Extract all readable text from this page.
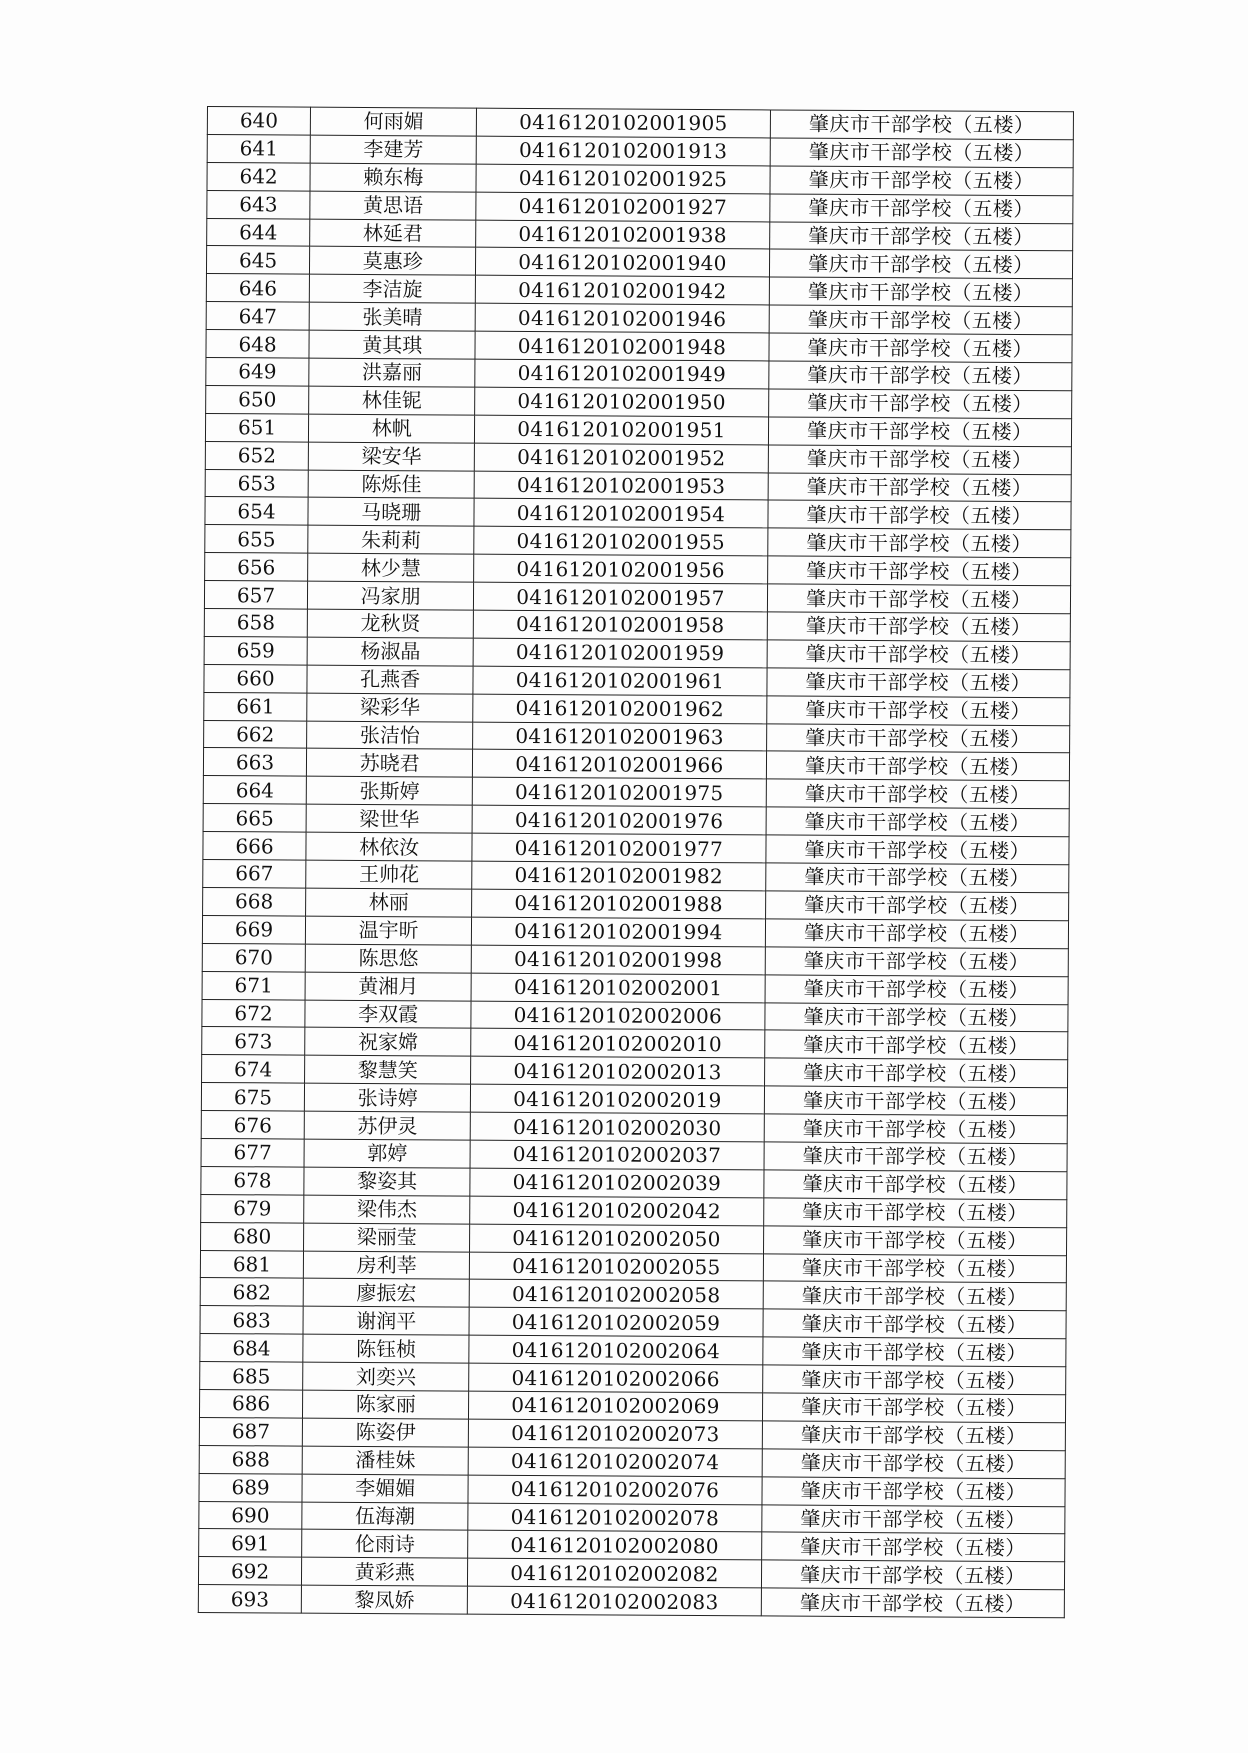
640	何雨媚	0416120102001905	肇庆市干部学校（五楼）
641	李建芳	0416120102001913	肇庆市干部学校（五楼）
642	赖东梅	0416120102001925	肇庆市干部学校（五楼）
643	黄思语	0416120102001927	肇庆市干部学校（五楼）
644	林延君	0416120102001938	肇庆市干部学校（五楼）
645	莫惠珍	0416120102001940	肇庆市干部学校（五楼）
646	李洁旋	0416120102001942	肇庆市干部学校（五楼）
647	张美晴	0416120102001946	肇庆市干部学校（五楼）
648	黄其琪	0416120102001948	肇庆市干部学校（五楼）
649	洪嘉丽	0416120102001949	肇庆市干部学校（五楼）
650	林佳铌	0416120102001950	肇庆市干部学校（五楼）
651	林帆	0416120102001951	肇庆市干部学校（五楼）
652	梁安华	0416120102001952	肇庆市干部学校（五楼）
653	陈烁佳	0416120102001953	肇庆市干部学校（五楼）
654	马晓珊	0416120102001954	肇庆市干部学校（五楼）
655	朱莉莉	0416120102001955	肇庆市干部学校（五楼）
656	林少慧	0416120102001956	肇庆市干部学校（五楼）
657	冯家朋	0416120102001957	肇庆市干部学校（五楼）
658	龙秋贤	0416120102001958	肇庆市干部学校（五楼）
659	杨淑晶	0416120102001959	肇庆市干部学校（五楼）
660	孔燕香	0416120102001961	肇庆市干部学校（五楼）
661	梁彩华	0416120102001962	肇庆市干部学校（五楼）
662	张洁怡	0416120102001963	肇庆市干部学校（五楼）
663	苏晓君	0416120102001966	肇庆市干部学校（五楼）
664	张斯婷	0416120102001975	肇庆市干部学校（五楼）
665	梁世华	0416120102001976	肇庆市干部学校（五楼）
666	林依汝	0416120102001977	肇庆市干部学校（五楼）
667	王帅花	0416120102001982	肇庆市干部学校（五楼）
668	林丽	0416120102001988	肇庆市干部学校（五楼）
669	温宇昕	0416120102001994	肇庆市干部学校（五楼）
670	陈思悠	0416120102001998	肇庆市干部学校（五楼）
671	黄湘月	0416120102002001	肇庆市干部学校（五楼）
672	李双霞	0416120102002006	肇庆市干部学校（五楼）
673	祝家嫦	0416120102002010	肇庆市干部学校（五楼）
674	黎慧笑	0416120102002013	肇庆市干部学校（五楼）
675	张诗婷	0416120102002019	肇庆市干部学校（五楼）
676	苏伊灵	0416120102002030	肇庆市干部学校（五楼）
677	郭婷	0416120102002037	肇庆市干部学校（五楼）
678	黎姿其	0416120102002039	肇庆市干部学校（五楼）
679	梁伟杰	0416120102002042	肇庆市干部学校（五楼）
680	梁丽莹	0416120102002050	肇庆市干部学校（五楼）
681	房利莘	0416120102002055	肇庆市干部学校（五楼）
682	廖振宏	0416120102002058	肇庆市干部学校（五楼）
683	谢润平	0416120102002059	肇庆市干部学校（五楼）
684	陈钰桢	0416120102002064	肇庆市干部学校（五楼）
685	刘奕兴	0416120102002066	肇庆市干部学校（五楼）
686	陈家丽	0416120102002069	肇庆市干部学校（五楼）
687	陈姿伊	0416120102002073	肇庆市干部学校（五楼）
688	潘桂妹	0416120102002074	肇庆市干部学校（五楼）
689	李媚媚	0416120102002076	肇庆市干部学校（五楼）
690	伍海潮	0416120102002078	肇庆市干部学校（五楼）
691	伦雨诗	0416120102002080	肇庆市干部学校（五楼）
692	黄彩燕	0416120102002082	肇庆市干部学校（五楼）
693	黎凤娇	0416120102002083	肇庆市干部学校（五楼）
